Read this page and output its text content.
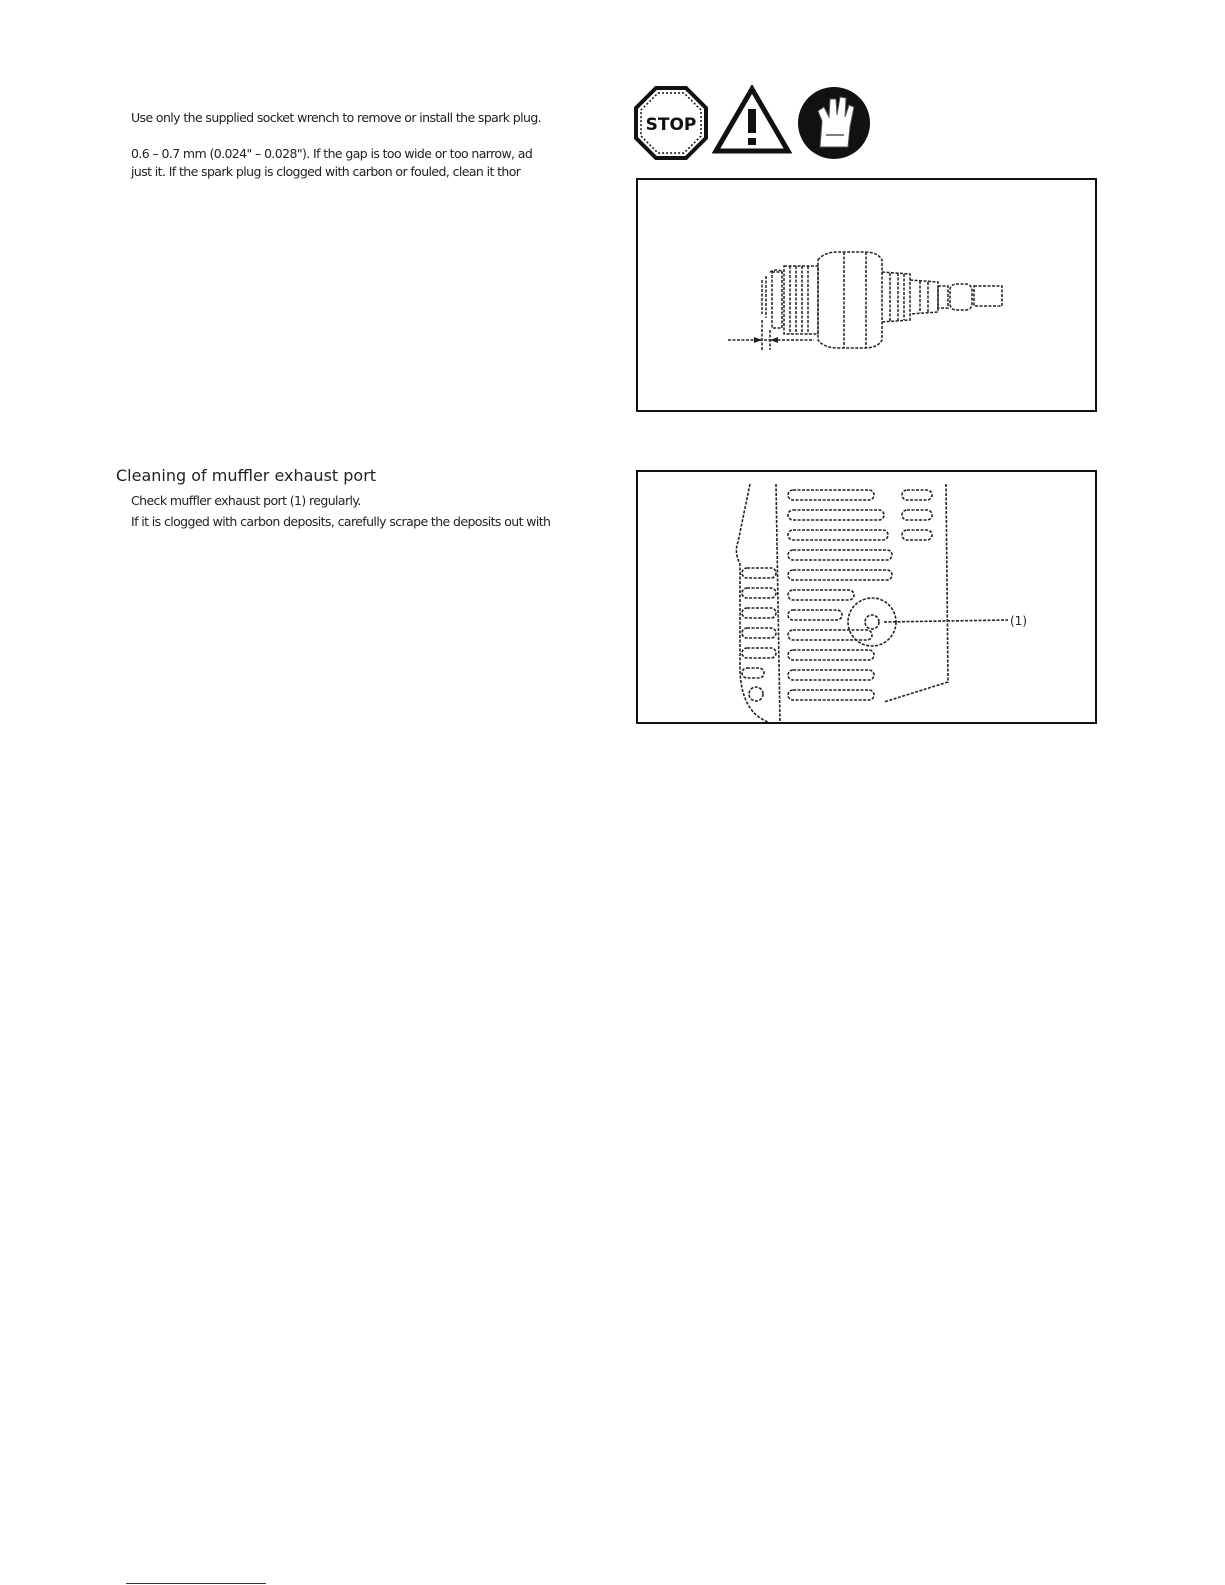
Use only the supplied socket wrench to remove or install the spark plug.
0.6 – 0.7 mm (0.024" – 0.028"). If the gap is too wide or too narrow, ad
just it. If the spark plug is clogged with carbon or fouled, clean it thor
STOP
Cleaning of muffler exhaust port
Check muffler exhaust port (1) regularly.
If it is clogged with carbon deposits, carefully scrape the deposits out with
(1)
